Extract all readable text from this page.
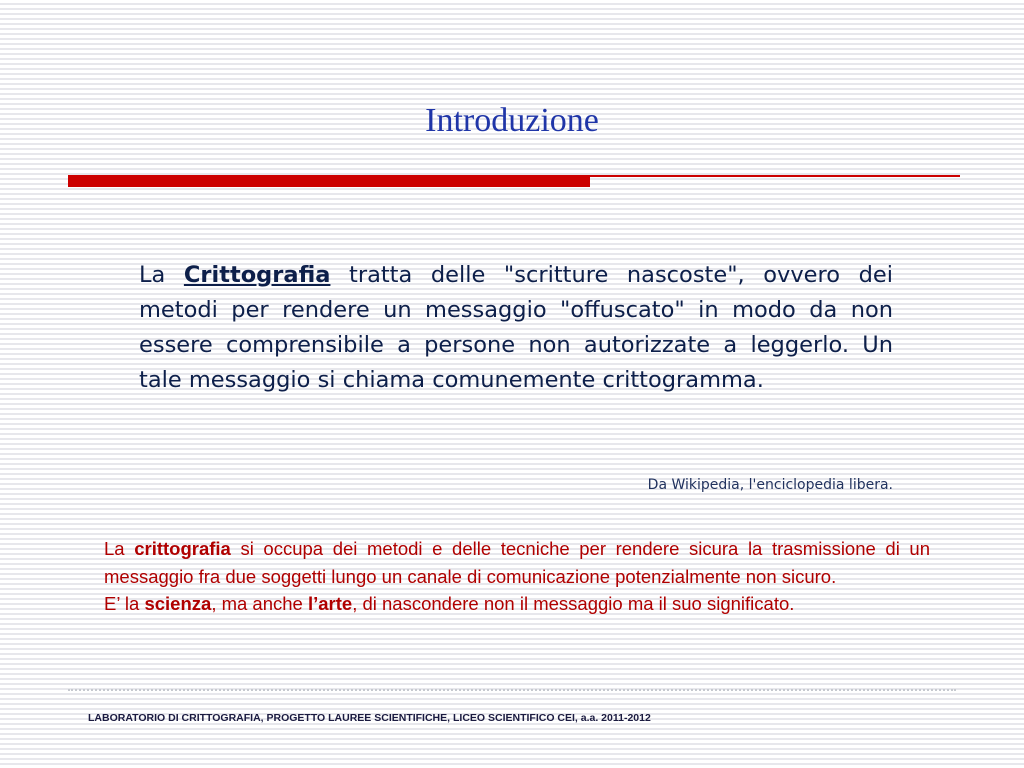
Introduzione
La Crittografia tratta delle "scritture nascoste", ovvero dei metodi per rendere un messaggio "offuscato" in modo da non essere comprensibile a persone non autorizzate a leggerlo. Un tale messaggio si chiama comunemente crittogramma.
Da Wikipedia, l'enciclopedia libera.

La crittografia si occupa dei metodi e delle tecniche per rendere sicura la trasmissione di un messaggio fra due soggetti lungo un canale di comunicazione potenzialmente non sicuro.

E’ la scienza, ma anche l’arte, di nascondere non il messaggio ma il suo significato.

LABORATORIO DI CRITTOGRAFIA, PROGETTO LAUREE SCIENTIFICHE, LICEO SCIENTIFICO CEI, a.a. 2011-2012
